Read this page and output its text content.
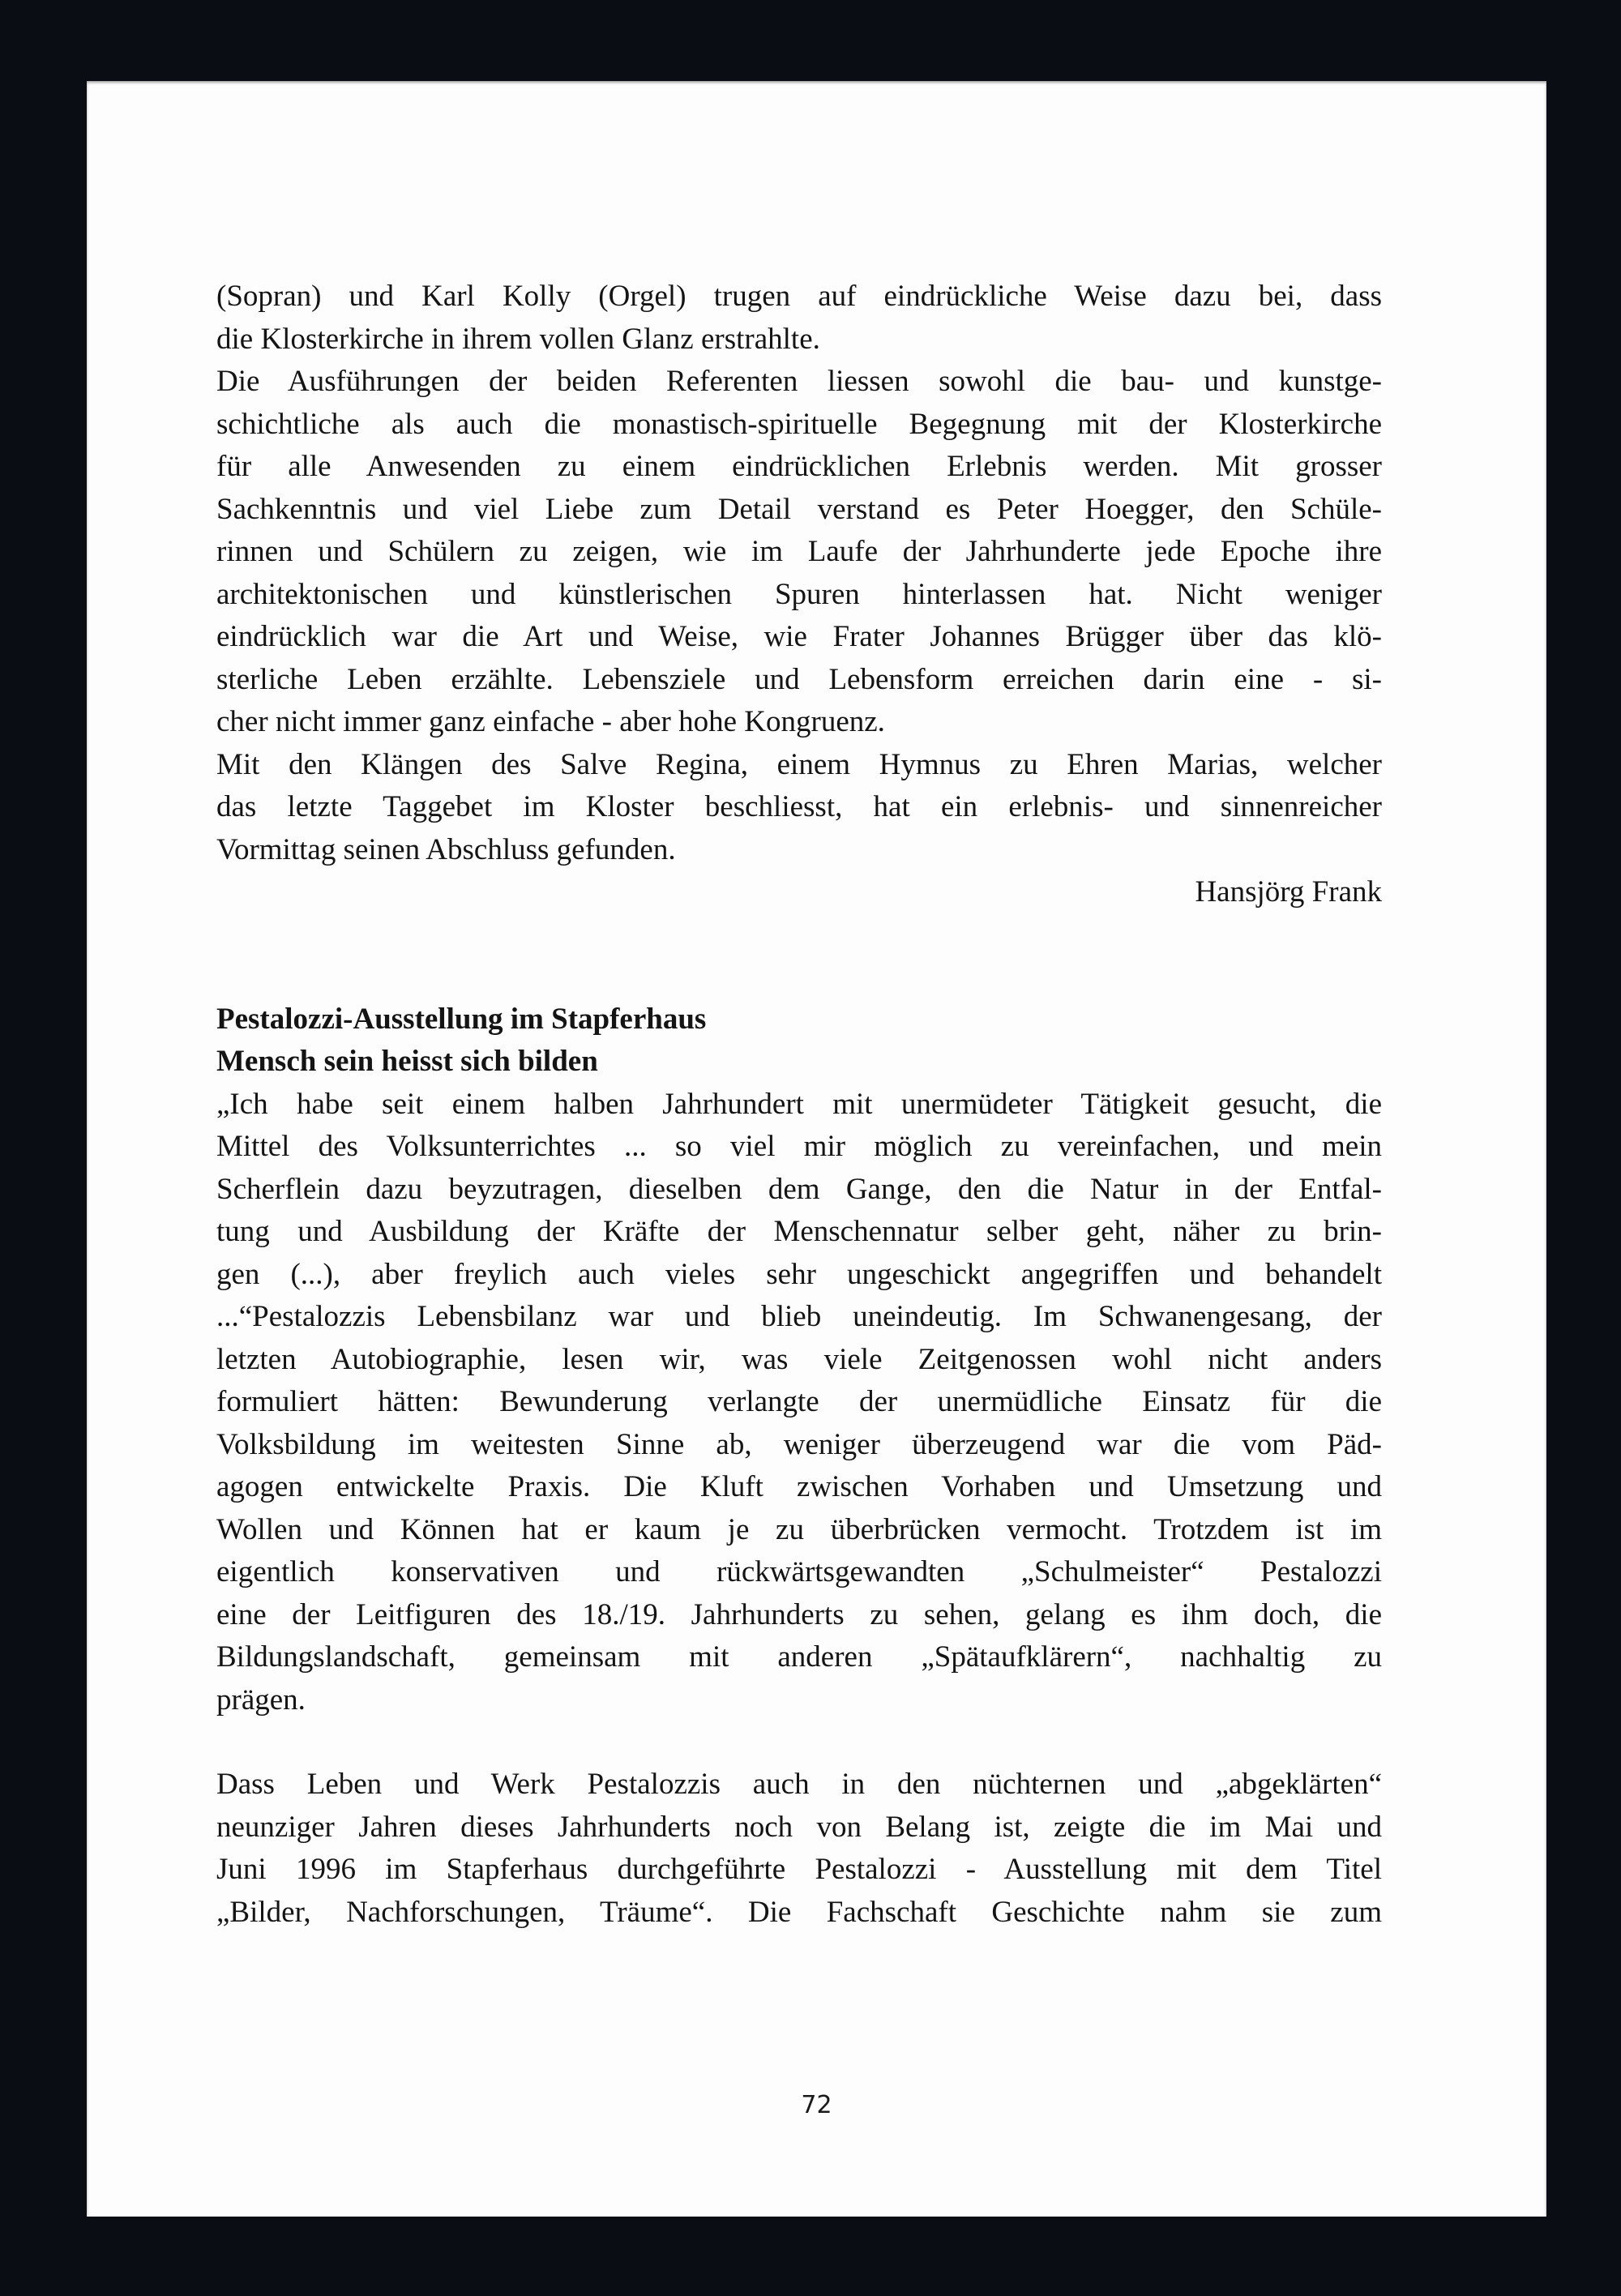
(Sopran) und Karl Kolly (Orgel) trugen auf eindrückliche Weise dazu bei, dass
die Klosterkirche in ihrem vollen Glanz erstrahlte.
Die Ausführungen der beiden Referenten liessen sowohl die bau- und kunstge-
schichtliche als auch die monastisch-spirituelle Begegnung mit der Klosterkirche
für alle Anwesenden zu einem eindrücklichen Erlebnis werden. Mit grosser
Sachkenntnis und viel Liebe zum Detail verstand es Peter Hoegger, den Schüle-
rinnen und Schülern zu zeigen, wie im Laufe der Jahrhunderte jede Epoche ihre
architektonischen und künstlerischen Spuren hinterlassen hat. Nicht weniger
eindrücklich war die Art und Weise, wie Frater Johannes Brügger über das klö-
sterliche Leben erzählte. Lebensziele und Lebensform erreichen darin eine - si-
cher nicht immer ganz einfache - aber hohe Kongruenz.
Mit den Klängen des Salve Regina, einem Hymnus zu Ehren Marias, welcher
das letzte Taggebet im Kloster beschliesst, hat ein erlebnis- und sinnenreicher
Vormittag seinen Abschluss gefunden.
Hansjörg Frank
Pestalozzi-Ausstellung im Stapferhaus
Mensch sein heisst sich bilden
„Ich habe seit einem halben Jahrhundert mit unermüdeter Tätigkeit gesucht, die
Mittel des Volksunterrichtes ... so viel mir möglich zu vereinfachen, und mein
Scherflein dazu beyzutragen, dieselben dem Gange, den die Natur in der Entfal-
tung und Ausbildung der Kräfte der Menschennatur selber geht, näher zu brin-
gen (...), aber freylich auch vieles sehr ungeschickt angegriffen und behandelt
...“Pestalozzis Lebensbilanz war und blieb uneindeutig. Im Schwanengesang, der
letzten Autobiographie, lesen wir, was viele Zeitgenossen wohl nicht anders
formuliert hätten: Bewunderung verlangte der unermüdliche Einsatz für die
Volksbildung im weitesten Sinne ab, weniger überzeugend war die vom Päd-
agogen entwickelte Praxis. Die Kluft zwischen Vorhaben und Umsetzung und
Wollen und Können hat er kaum je zu überbrücken vermocht. Trotzdem ist im
eigentlich konservativen und rückwärtsgewandten „Schulmeister“ Pestalozzi
eine der Leitfiguren des 18./19. Jahrhunderts zu sehen, gelang es ihm doch, die
Bildungslandschaft, gemeinsam mit anderen „Spätaufklärern“, nachhaltig zu
prägen.
Dass Leben und Werk Pestalozzis auch in den nüchternen und „abgeklärten“
neunziger Jahren dieses Jahrhunderts noch von Belang ist, zeigte die im Mai und
Juni 1996 im Stapferhaus durchgeführte Pestalozzi - Ausstellung mit dem Titel
„Bilder, Nachforschungen, Träume“. Die Fachschaft Geschichte nahm sie zum
72
